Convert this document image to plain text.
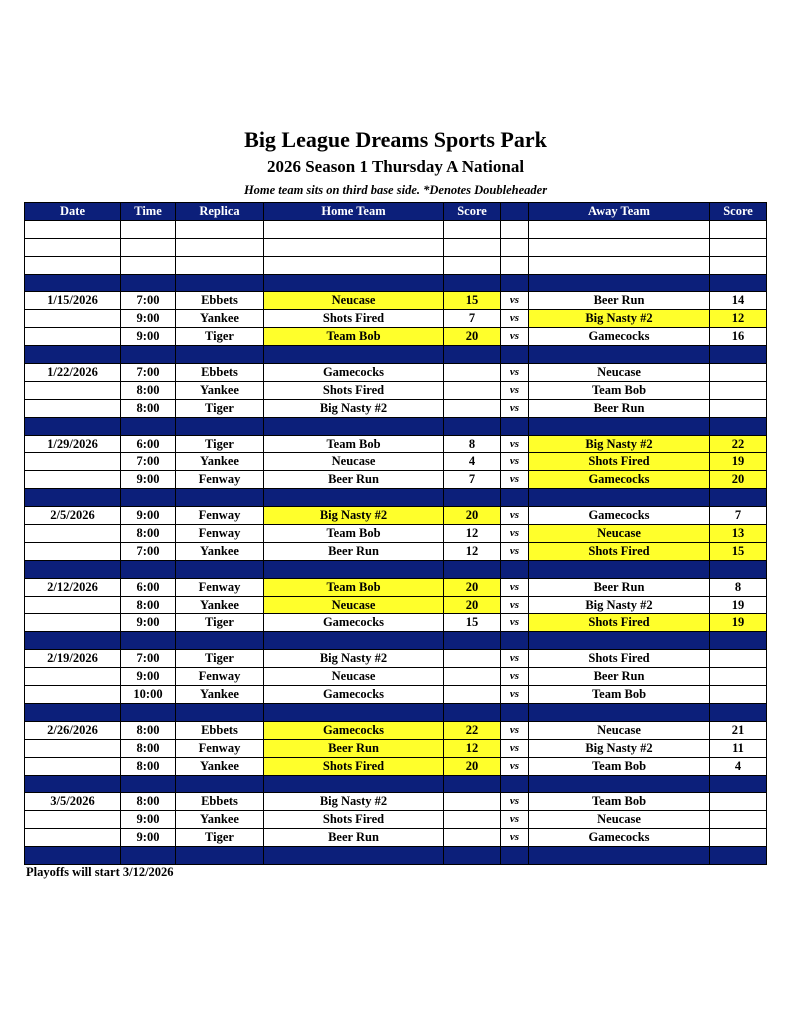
Big League Dreams Sports Park
2026 Season 1 Thursday A National
Home team sits on third base side. *Denotes Doubleheader
Date	Time	Replica	Home Team	Score		Away Team	Score

1/15/2026	7:00	Ebbets	Neucase	15	vs	Beer Run	14
	9:00	Yankee	Shots Fired	7	vs	Big Nasty #2	12
	9:00	Tiger	Team Bob	20	vs	Gamecocks	16

1/22/2026	7:00	Ebbets	Gamecocks		vs	Neucase	
	8:00	Yankee	Shots Fired		vs	Team Bob	
	8:00	Tiger	Big Nasty #2		vs	Beer Run	

1/29/2026	6:00	Tiger	Team Bob	8	vs	Big Nasty #2	22
	7:00	Yankee	Neucase	4	vs	Shots Fired	19
	9:00	Fenway	Beer Run	7	vs	Gamecocks	20

2/5/2026	9:00	Fenway	Big Nasty #2	20	vs	Gamecocks	7
	8:00	Fenway	Team Bob	12	vs	Neucase	13
	7:00	Yankee	Beer Run	12	vs	Shots Fired	15

2/12/2026	6:00	Fenway	Team Bob	20	vs	Beer Run	8
	8:00	Yankee	Neucase	20	vs	Big Nasty #2	19
	9:00	Tiger	Gamecocks	15	vs	Shots Fired	19

2/19/2026	7:00	Tiger	Big Nasty #2		vs	Shots Fired	
	9:00	Fenway	Neucase		vs	Beer Run	
	10:00	Yankee	Gamecocks		vs	Team Bob	

2/26/2026	8:00	Ebbets	Gamecocks	22	vs	Neucase	21
	8:00	Fenway	Beer Run	12	vs	Big Nasty #2	11
	8:00	Yankee	Shots Fired	20	vs	Team Bob	4

3/5/2026	8:00	Ebbets	Big Nasty #2		vs	Team Bob	
	9:00	Yankee	Shots Fired		vs	Neucase	
	9:00	Tiger	Beer Run		vs	Gamecocks	

Playoffs will start 3/12/2026
